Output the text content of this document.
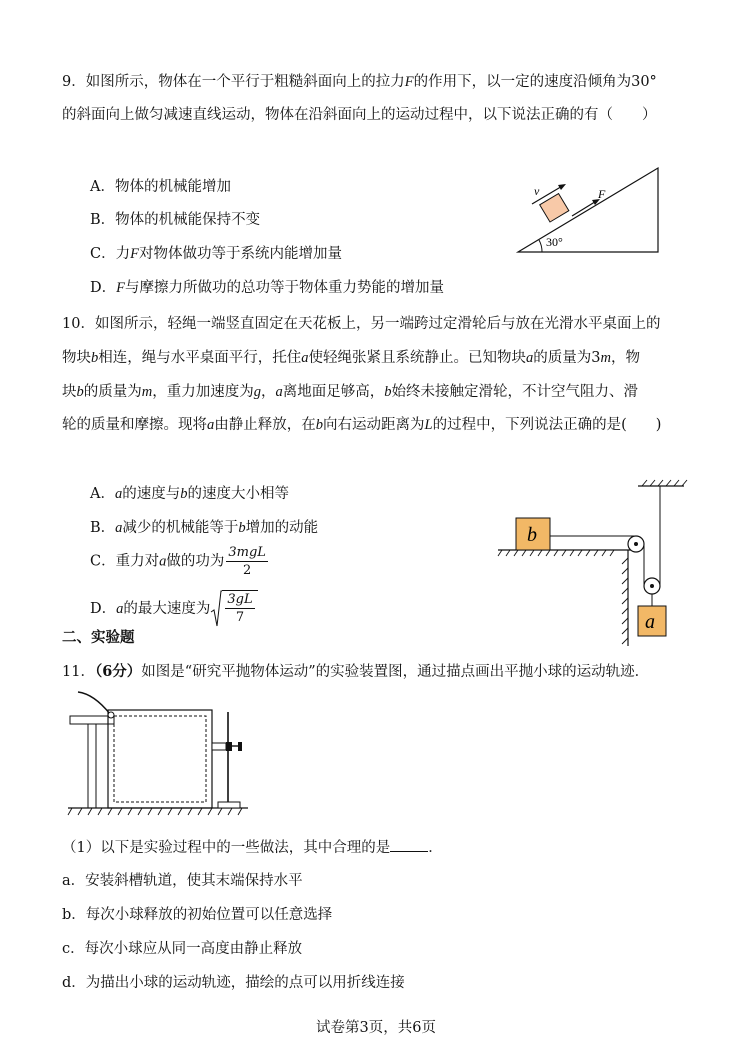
9．如图所示，物体在一个平行于粗糙斜面向上的拉力F的作用下，以一定的速度沿倾角为30°
的斜面向上做匀减速直线运动，物体在沿斜面向上的运动过程中，以下说法正确的有（　　）
A．物体的机械能增加
B．物体的机械能保持不变
C．力F对物体做功等于系统内能增加量
D．F与摩擦力所做功的总功等于物体重力势能的增加量
v	F
30°
10．如图所示，轻绳一端竖直固定在天花板上，另一端跨过定滑轮后与放在光滑水平桌面上的
物块b相连，绳与水平桌面平行，托住a使轻绳张紧且系统静止。已知物块a的质量为3m，物
块b的质量为m，重力加速度为g，a离地面足够高，b始终未接触定滑轮，不计空气阻力、滑
轮的质量和摩擦。现将a由静止释放，在b向右运动距离为L的过程中，下列说法正确的是(　　)
A．a的速度与b的速度大小相等
B．a减少的机械能等于b增加的动能
C．重力对a做的功为 $\frac{\text{3mgL}}{2}$
D．a的最大速度为 $\frac{3gL}{7}$
b
a
二、实验题
11．（6分）如图是“研究平抛物体运动”的实验装置图，通过描点画出平抛小球的运动轨迹．
（1）以下是实验过程中的一些做法，其中合理的是	．
a．安装斜槽轨道，使其末端保持水平
b．每次小球释放的初始位置可以任意选择
c．每次小球应从同一高度由静止释放
d．为描出小球的运动轨迹，描绘的点可以用折线连接
试卷第3页，共6页
